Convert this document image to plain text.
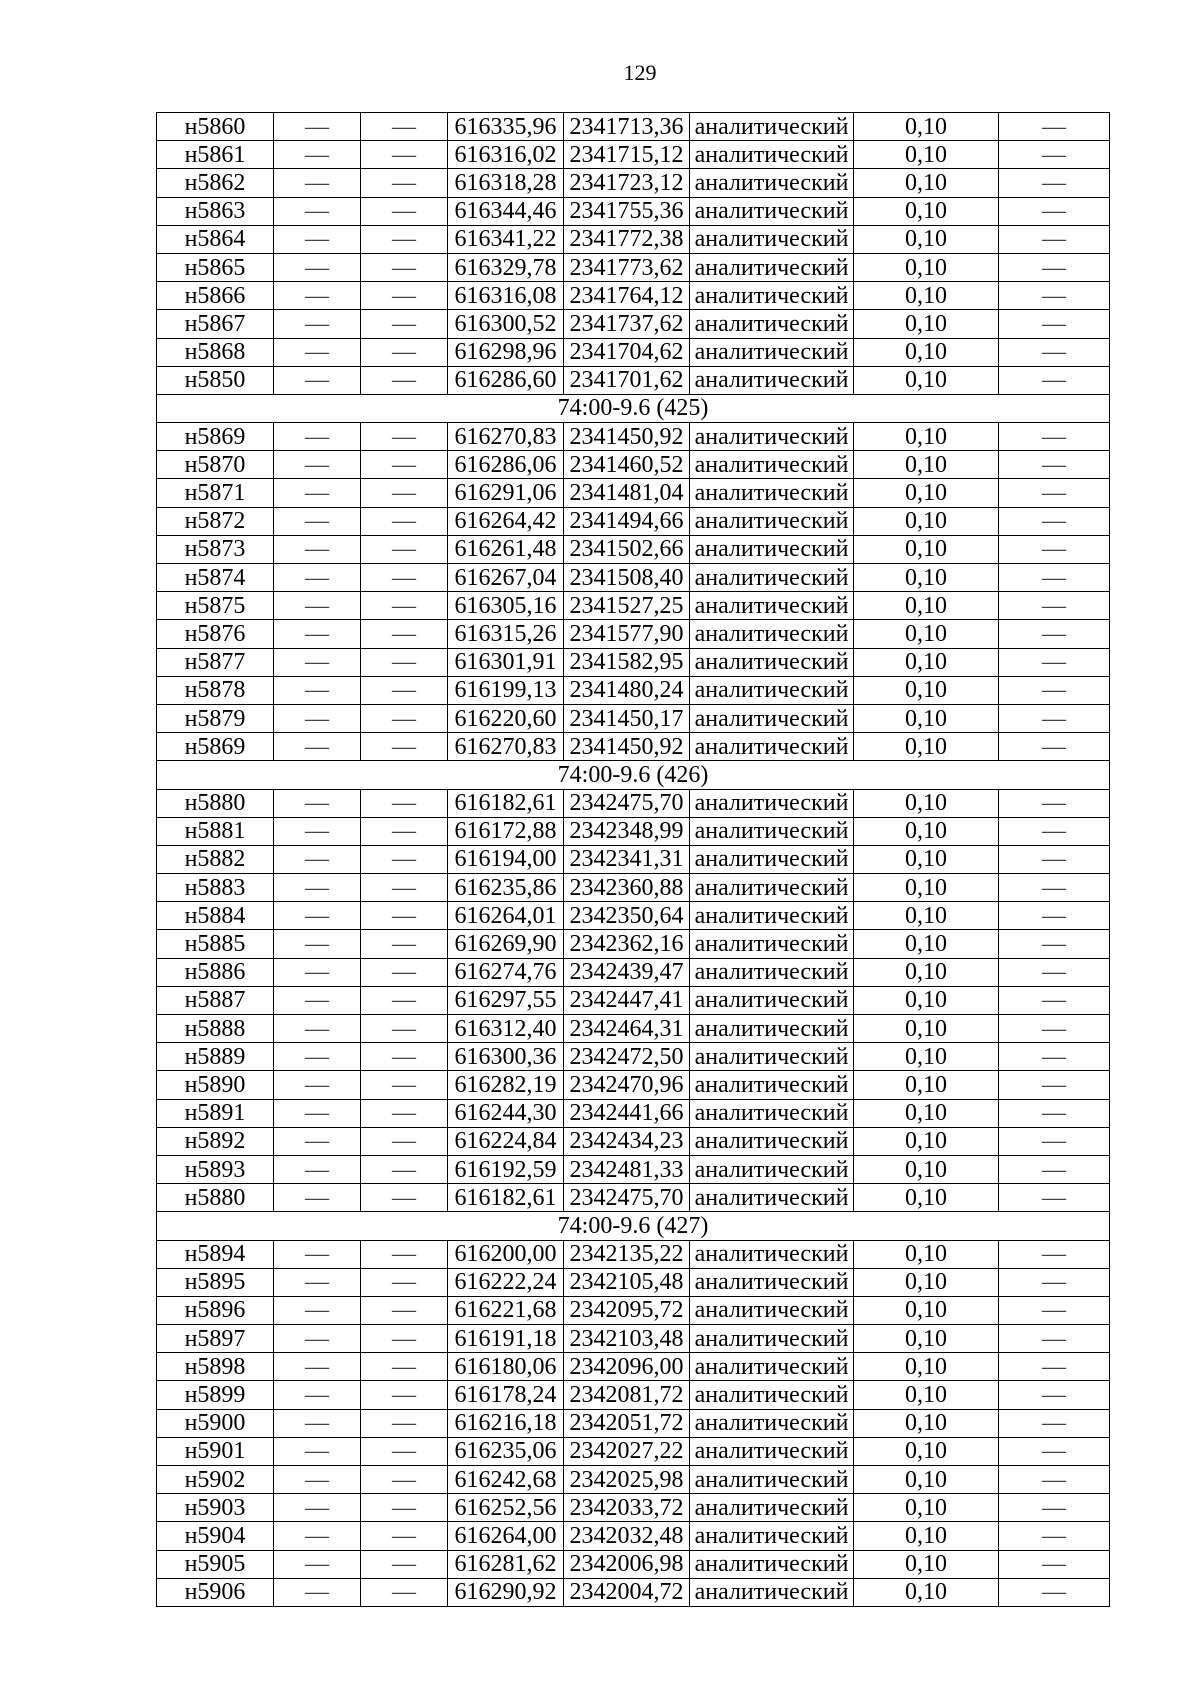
129
н5860	—	—	616335,96	2341713,36	аналитический	0,10	—
н5861	—	—	616316,02	2341715,12	аналитический	0,10	—
н5862	—	—	616318,28	2341723,12	аналитический	0,10	—
н5863	—	—	616344,46	2341755,36	аналитический	0,10	—
н5864	—	—	616341,22	2341772,38	аналитический	0,10	—
н5865	—	—	616329,78	2341773,62	аналитический	0,10	—
н5866	—	—	616316,08	2341764,12	аналитический	0,10	—
н5867	—	—	616300,52	2341737,62	аналитический	0,10	—
н5868	—	—	616298,96	2341704,62	аналитический	0,10	—
н5850	—	—	616286,60	2341701,62	аналитический	0,10	—
74:00-9.6 (425)							
н5869	—	—	616270,83	2341450,92	аналитический	0,10	—
н5870	—	—	616286,06	2341460,52	аналитический	0,10	—
н5871	—	—	616291,06	2341481,04	аналитический	0,10	—
н5872	—	—	616264,42	2341494,66	аналитический	0,10	—
н5873	—	—	616261,48	2341502,66	аналитический	0,10	—
н5874	—	—	616267,04	2341508,40	аналитический	0,10	—
н5875	—	—	616305,16	2341527,25	аналитический	0,10	—
н5876	—	—	616315,26	2341577,90	аналитический	0,10	—
н5877	—	—	616301,91	2341582,95	аналитический	0,10	—
н5878	—	—	616199,13	2341480,24	аналитический	0,10	—
н5879	—	—	616220,60	2341450,17	аналитический	0,10	—
н5869	—	—	616270,83	2341450,92	аналитический	0,10	—
74:00-9.6 (426)							
н5880	—	—	616182,61	2342475,70	аналитический	0,10	—
н5881	—	—	616172,88	2342348,99	аналитический	0,10	—
н5882	—	—	616194,00	2342341,31	аналитический	0,10	—
н5883	—	—	616235,86	2342360,88	аналитический	0,10	—
н5884	—	—	616264,01	2342350,64	аналитический	0,10	—
н5885	—	—	616269,90	2342362,16	аналитический	0,10	—
н5886	—	—	616274,76	2342439,47	аналитический	0,10	—
н5887	—	—	616297,55	2342447,41	аналитический	0,10	—
н5888	—	—	616312,40	2342464,31	аналитический	0,10	—
н5889	—	—	616300,36	2342472,50	аналитический	0,10	—
н5890	—	—	616282,19	2342470,96	аналитический	0,10	—
н5891	—	—	616244,30	2342441,66	аналитический	0,10	—
н5892	—	—	616224,84	2342434,23	аналитический	0,10	—
н5893	—	—	616192,59	2342481,33	аналитический	0,10	—
н5880	—	—	616182,61	2342475,70	аналитический	0,10	—
74:00-9.6 (427)							
н5894	—	—	616200,00	2342135,22	аналитический	0,10	—
н5895	—	—	616222,24	2342105,48	аналитический	0,10	—
н5896	—	—	616221,68	2342095,72	аналитический	0,10	—
н5897	—	—	616191,18	2342103,48	аналитический	0,10	—
н5898	—	—	616180,06	2342096,00	аналитический	0,10	—
н5899	—	—	616178,24	2342081,72	аналитический	0,10	—
н5900	—	—	616216,18	2342051,72	аналитический	0,10	—
н5901	—	—	616235,06	2342027,22	аналитический	0,10	—
н5902	—	—	616242,68	2342025,98	аналитический	0,10	—
н5903	—	—	616252,56	2342033,72	аналитический	0,10	—
н5904	—	—	616264,00	2342032,48	аналитический	0,10	—
н5905	—	—	616281,62	2342006,98	аналитический	0,10	—
н5906	—	—	616290,92	2342004,72	аналитический	0,10	—
